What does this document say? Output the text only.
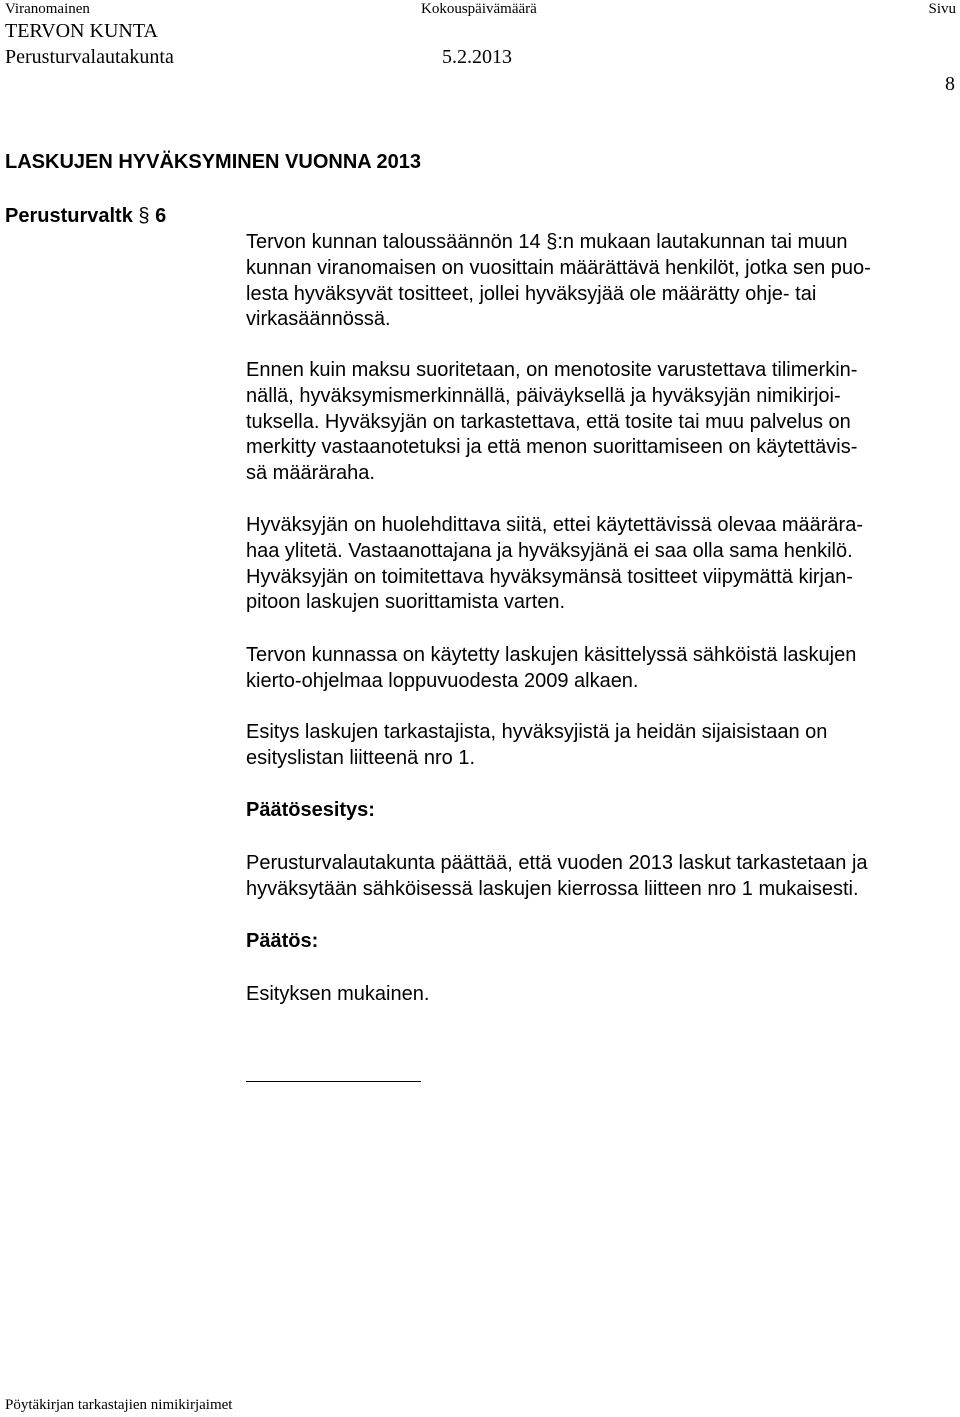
Viranomainen	Kokouspäivämäärä	Sivu
TERVON KUNTA
Perusturvalautakunta	5.2.2013
8
LASKUJEN HYVÄKSYMINEN VUONNA 2013
Perusturvaltk § 6
Tervon kunnan taloussäännön 14 §:n mukaan lautakunnan tai muun
kunnan viranomaisen on vuosittain määrättävä henkilöt, jotka sen puo-
lesta hyväksyvät tositteet, jollei hyväksyjää ole määrätty ohje- tai
virkasäännössä.
Ennen kuin maksu suoritetaan, on menotosite varustettava tilimerkin-
nällä, hyväksymismerkinnällä, päiväyksellä ja hyväksyjän nimikirjoi-
tuksella. Hyväksyjän on tarkastettava, että tosite tai muu palvelus on
merkitty vastaanotetuksi ja että menon suorittamiseen on käytettävis-
sä määräraha.
Hyväksyjän on huolehdittava siitä, ettei käytettävissä olevaa määrära-
haa ylitetä. Vastaanottajana ja hyväksyjänä ei saa olla sama henkilö.
Hyväksyjän on toimitettava hyväksymänsä tositteet viipymättä kirjan-
pitoon laskujen suorittamista varten.
Tervon kunnassa on käytetty laskujen käsittelyssä sähköistä laskujen
kierto-ohjelmaa loppuvuodesta 2009 alkaen.
Esitys laskujen tarkastajista, hyväksyjistä ja heidän sijaisistaan on
esityslistan liitteenä nro 1.
Päätösesitys:
Perusturvalautakunta päättää, että vuoden 2013 laskut tarkastetaan ja
hyväksytään sähköisessä laskujen kierrossa liitteen nro 1 mukaisesti.
Päätös:
Esityksen mukainen.
Pöytäkirjan tarkastajien nimikirjaimet
